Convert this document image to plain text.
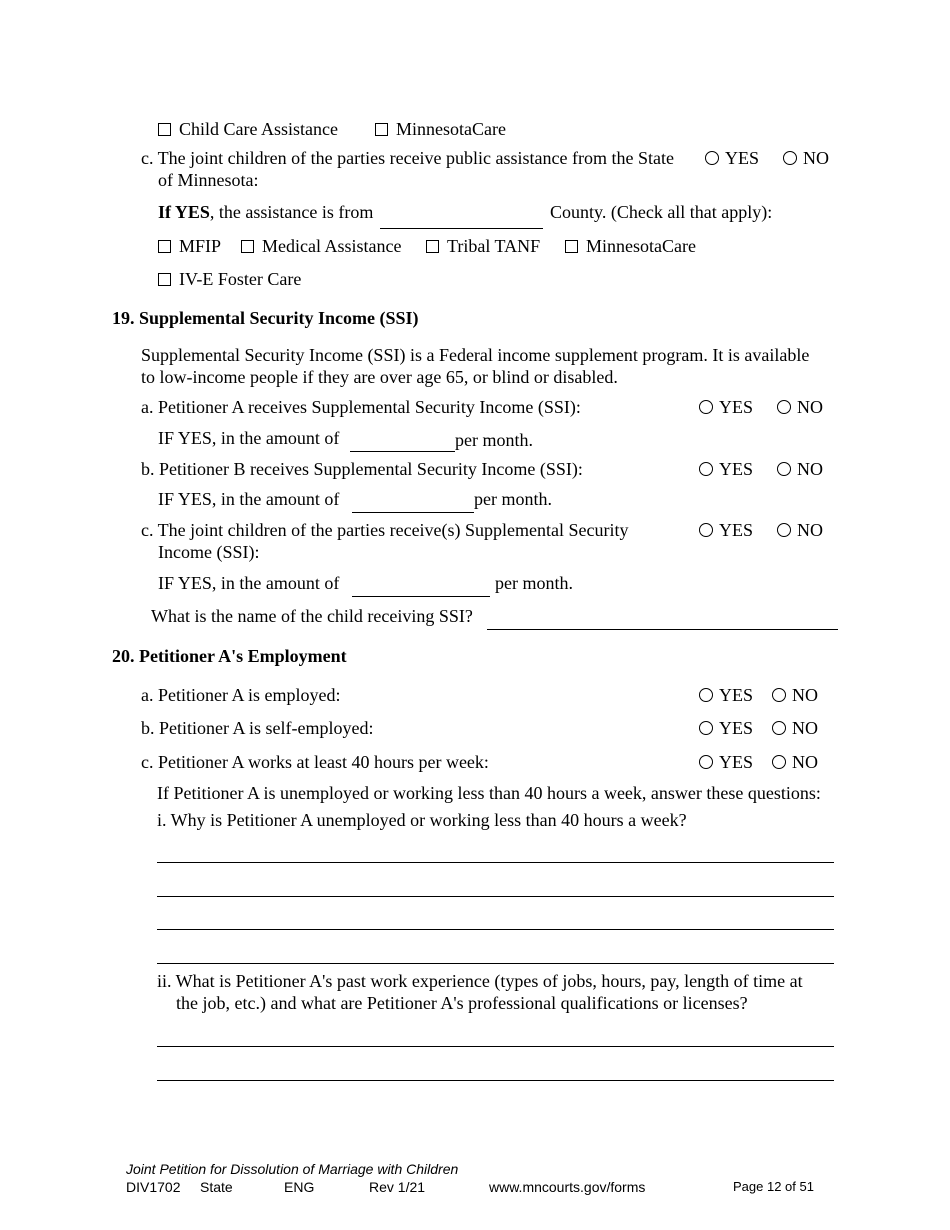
Child Care Assistance	MinnesotaCare
c. The joint children of the parties receive public assistance from the State
of Minnesota:
YES	NO
If YES, the assistance is from	County. (Check all that apply):
MFIP	Medical Assistance	Tribal TANF	MinnesotaCare
IV-E Foster Care
19. Supplemental Security Income (SSI)
Supplemental Security Income (SSI) is a Federal income supplement program. It is available
to low-income people if they are over age 65, or blind or disabled.
a. Petitioner A receives Supplemental Security Income (SSI):	YES	NO
IF YES, in the amount of	per month.
b. Petitioner B receives Supplemental Security Income (SSI):	YES	NO
IF YES, in the amount of	per month.
c. The joint children of the parties receive(s) Supplemental Security
Income (SSI):
YES	NO
IF YES, in the amount of	per month.
What is the name of the child receiving SSI?
20. Petitioner A's Employment
a. Petitioner A is employed:	YES	NO
b. Petitioner A is self-employed:	YES	NO
c. Petitioner A works at least 40 hours per week:	YES	NO
If Petitioner A is unemployed or working less than 40 hours a week, answer these questions:
i. Why is Petitioner A unemployed or working less than 40 hours a week?
ii. What is Petitioner A's past work experience (types of jobs, hours, pay, length of time at
the job, etc.) and what are Petitioner A's professional qualifications or licenses?
Joint Petition for Dissolution of Marriage with Children
DIV1702 State	ENG	Rev 1/21	www.mncourts.gov/forms	Page 12 of 51
